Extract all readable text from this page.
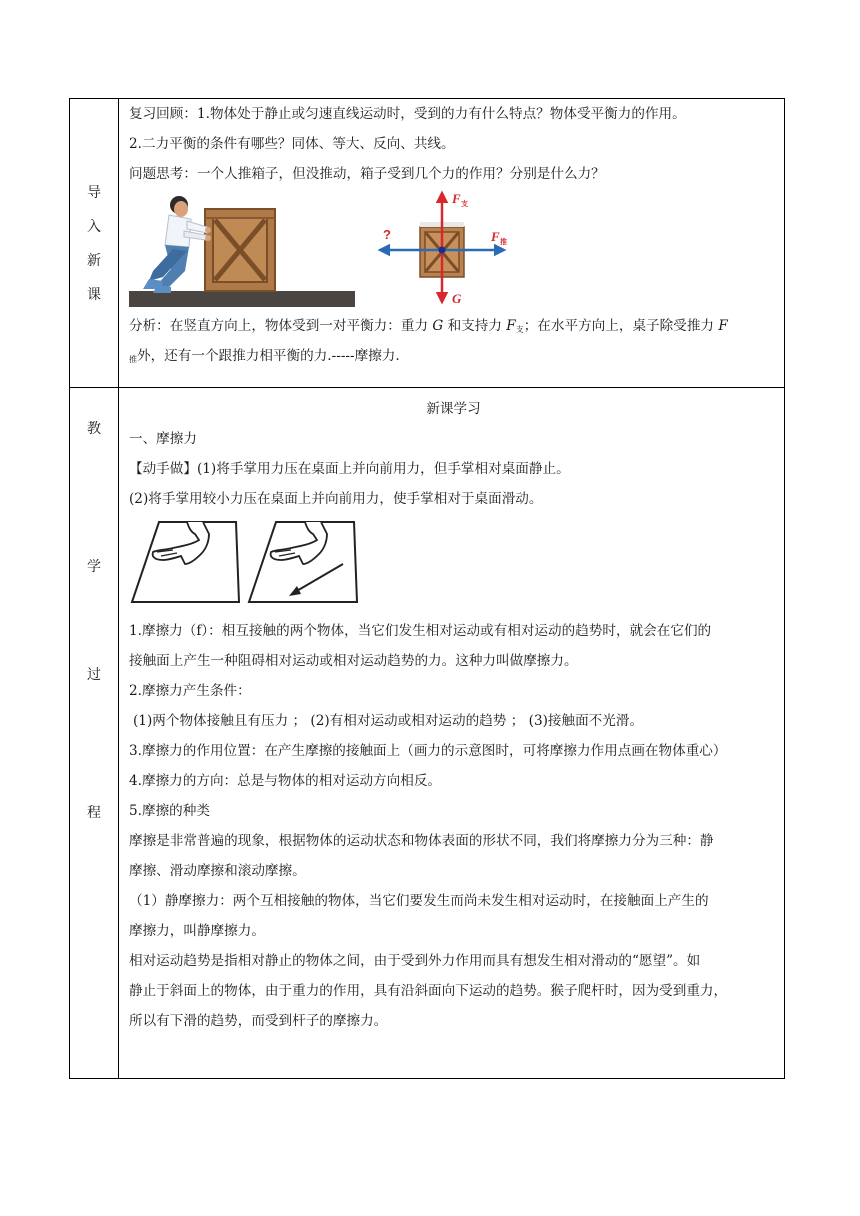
导
入
新
课

复习回顾：1.物体处于静止或匀速直线运动时，受到的力有什么特点？物体受平衡力的作用。

2.二力平衡的条件有哪些？同体、等大、反向、共线。

问题思考：一个人推箱子，但没推动，箱子受到几个力的作用？分别是什么力？

F 支
F 推
G
?

分析：在竖直方向上，物体受到一对平衡力：重力 G 和支持力 $F_支$；在水平方向上，桌子除受推力 F

$_推$外，还有一个跟推力相平衡的力.-----摩擦力.

教
学
过
程

新课学习

一、摩擦力

【动手做】(1)将手掌用力压在桌面上并向前用力，但手掌相对桌面静止。

(2)将手掌用较小力压在桌面上并向前用力，使手掌相对于桌面滑动。

1.摩擦力（f）：相互接触的两个物体，当它们发生相对运动或有相对运动的趋势时，就会在它们的

接触面上产生一种阻碍相对运动或相对运动趋势的力。这种力叫做摩擦力。

2.摩擦力产生条件：

(1)两个物体接触且有压力 ； (2)有相对运动或相对运动的趋势 ； (3)接触面不光滑。

3.摩擦力的作用位置：在产生摩擦的接触面上（画力的示意图时，可将摩擦力作用点画在物体重心）

4.摩擦力的方向：总是与物体的相对运动方向相反。

5.摩擦的种类

摩擦是非常普遍的现象，根据物体的运动状态和物体表面的形状不同，我们将摩擦力分为三种：静

摩擦、滑动摩擦和滚动摩擦。

（1）静摩擦力：两个互相接触的物体，当它们要发生而尚未发生相对运动时，在接触面上产生的

摩擦力，叫静摩擦力。

相对运动趋势是指相对静止的物体之间，由于受到外力作用而具有想发生相对滑动的“愿望”。如

静止于斜面上的物体，由于重力的作用，具有沿斜面向下运动的趋势。猴子爬杆时，因为受到重力，

所以有下滑的趋势，而受到杆子的摩擦力。
